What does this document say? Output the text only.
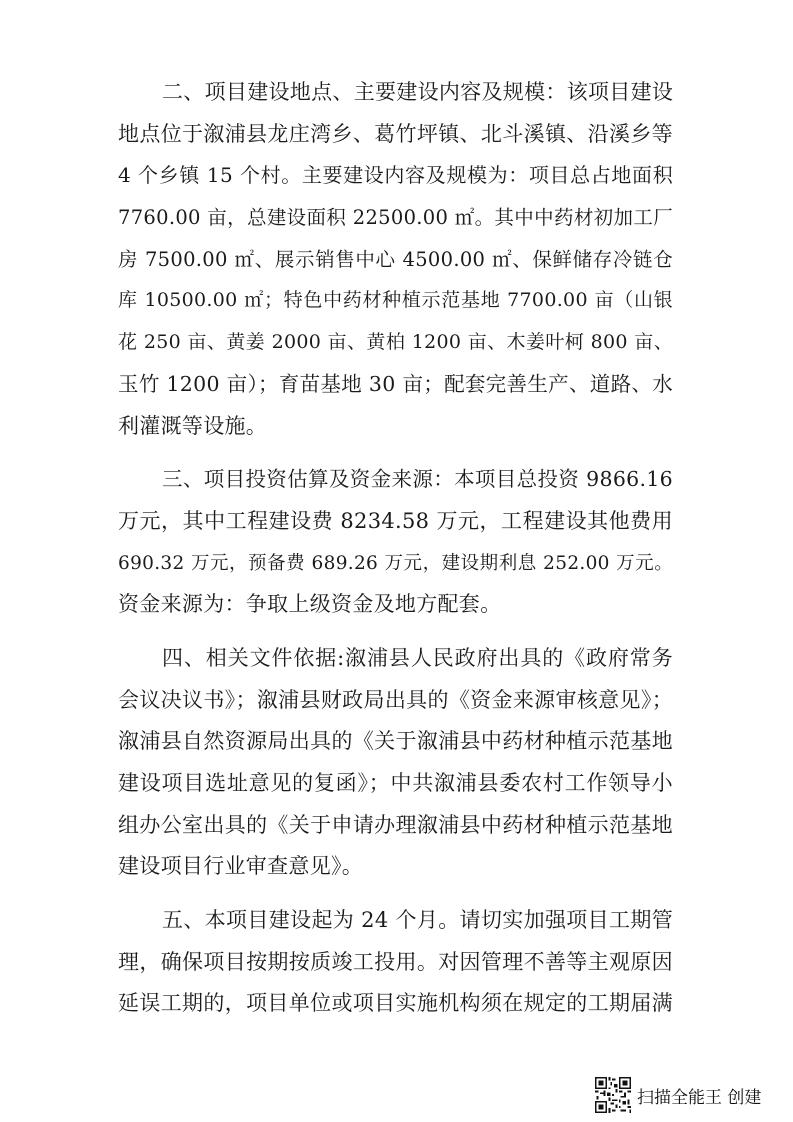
二、项目建设地点、主要建设内容及规模：该项目建设
地点位于溆浦县龙庄湾乡、葛竹坪镇、北斗溪镇、沿溪乡等
4 个乡镇 15 个村。主要建设内容及规模为：项目总占地面积
7760.00 亩，总建设面积 22500.00 ㎡。其中中药材初加工厂
房 7500.00 ㎡、展示销售中心 4500.00 ㎡、保鲜储存冷链仓
库 10500.00 ㎡；特色中药材种植示范基地 7700.00 亩（山银
花 250 亩、黄姜 2000 亩、黄柏 1200 亩、木姜叶柯 800 亩、
玉竹 1200 亩）；育苗基地 30 亩；配套完善生产、道路、水
利灌溉等设施。
三、项目投资估算及资金来源：本项目总投资 9866.16
万元，其中工程建设费 8234.58 万元，工程建设其他费用
690.32 万元，预备费 689.26 万元，建设期利息 252.00 万元。
资金来源为：争取上级资金及地方配套。
四、相关文件依据:溆浦县人民政府出具的《政府常务
会议决议书》；溆浦县财政局出具的《资金来源审核意见》；
溆浦县自然资源局出具的《关于溆浦县中药材种植示范基地
建设项目选址意见的复函》；中共溆浦县委农村工作领导小
组办公室出具的《关于申请办理溆浦县中药材种植示范基地
建设项目行业审查意见》。
五、本项目建设起为 24 个月。请切实加强项目工期管
理，确保项目按期按质竣工投用。对因管理不善等主观原因
延误工期的，项目单位或项目实施机构须在规定的工期届满
扫描全能王 创建
